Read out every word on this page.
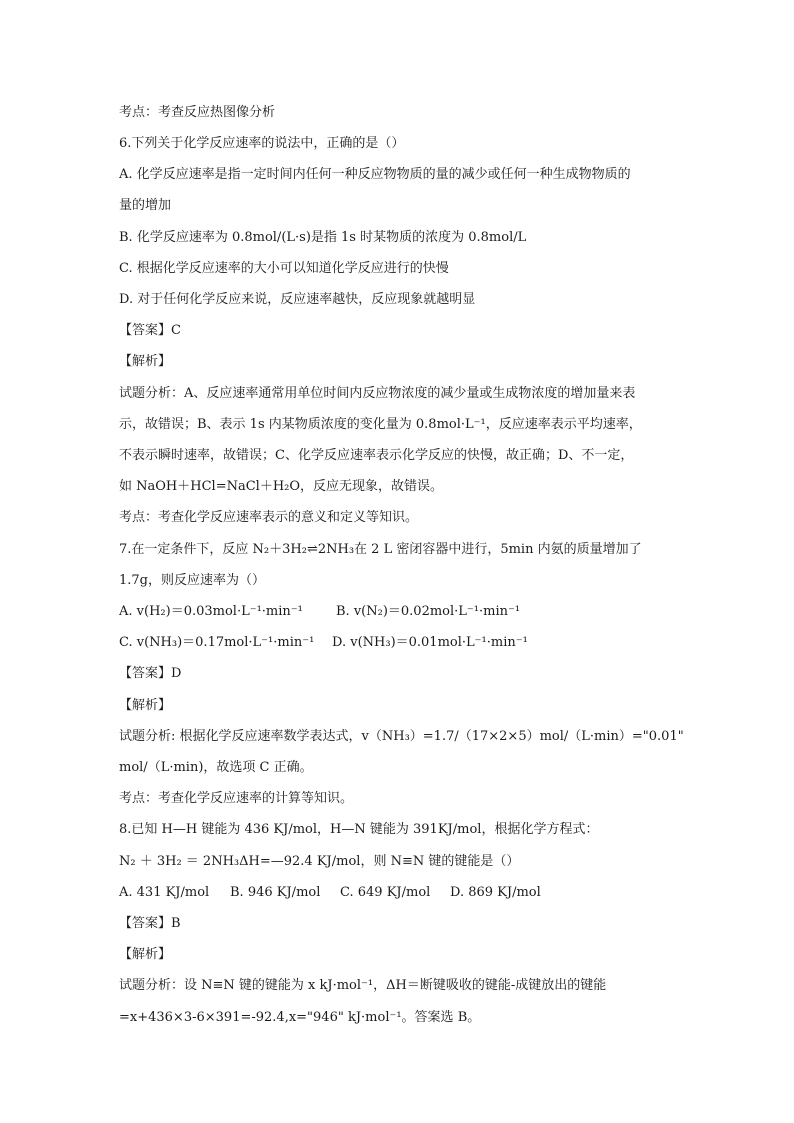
考点：考查反应热图像分析
6.下列关于化学反应速率的说法中，正确的是（）
A. 化学反应速率是指一定时间内任何一种反应物物质的量的减少或任何一种生成物物质的
量的增加
B. 化学反应速率为 0.8mol/(L·s)是指 1s 时某物质的浓度为 0.8mol/L
C. 根据化学反应速率的大小可以知道化学反应进行的快慢
D. 对于任何化学反应来说，反应速率越快，反应现象就越明显
【答案】C
【解析】
试题分析：A、反应速率通常用单位时间内反应物浓度的减少量或生成物浓度的增加量来表
示，故错误；B、表示 1s 内某物质浓度的变化量为 0.8mol·L⁻¹，反应速率表示平均速率，
不表示瞬时速率，故错误；C、化学反应速率表示化学反应的快慢，故正确；D、不一定，
如 NaOH＋HCl=NaCl＋H₂O，反应无现象，故错误。
考点：考查化学反应速率表示的意义和定义等知识。
7.在一定条件下，反应 N₂＋3H₂⇌2NH₃在 2 L 密闭容器中进行，5min 内氨的质量增加了
1.7g，则反应速率为（）
A. v(H₂)＝0.03mol·L⁻¹·min⁻¹	B. v(N₂)＝0.02mol·L⁻¹·min⁻¹
C. v(NH₃)＝0.17mol·L⁻¹·min⁻¹	D. v(NH₃)＝0.01mol·L⁻¹·min⁻¹
【答案】D
【解析】
试题分析: 根据化学反应速率数学表达式，v（NH₃）=1.7/（17×2×5）mol/（L·min）="0.01"
mol/（L·min)，故选项 C 正确。
考点：考查化学反应速率的计算等知识。
8.已知 H—H 键能为 436 KJ/mol，H—N 键能为 391KJ/mol，根据化学方程式：
N₂ ＋ 3H₂ ＝ 2NH₃ΔH=—92.4 KJ/mol，则 N≡N 键的键能是（）
A. 431 KJ/mol	B. 946 KJ/mol	C. 649 KJ/mol	D. 869 KJ/mol
【答案】B
【解析】
试题分析：设 N≡N 键的键能为 x kJ·mol⁻¹，ΔH＝断键吸收的键能-成键放出的键能
=x+436×3-6×391=-92.4,x="946" kJ·mol⁻¹。答案选 B。
